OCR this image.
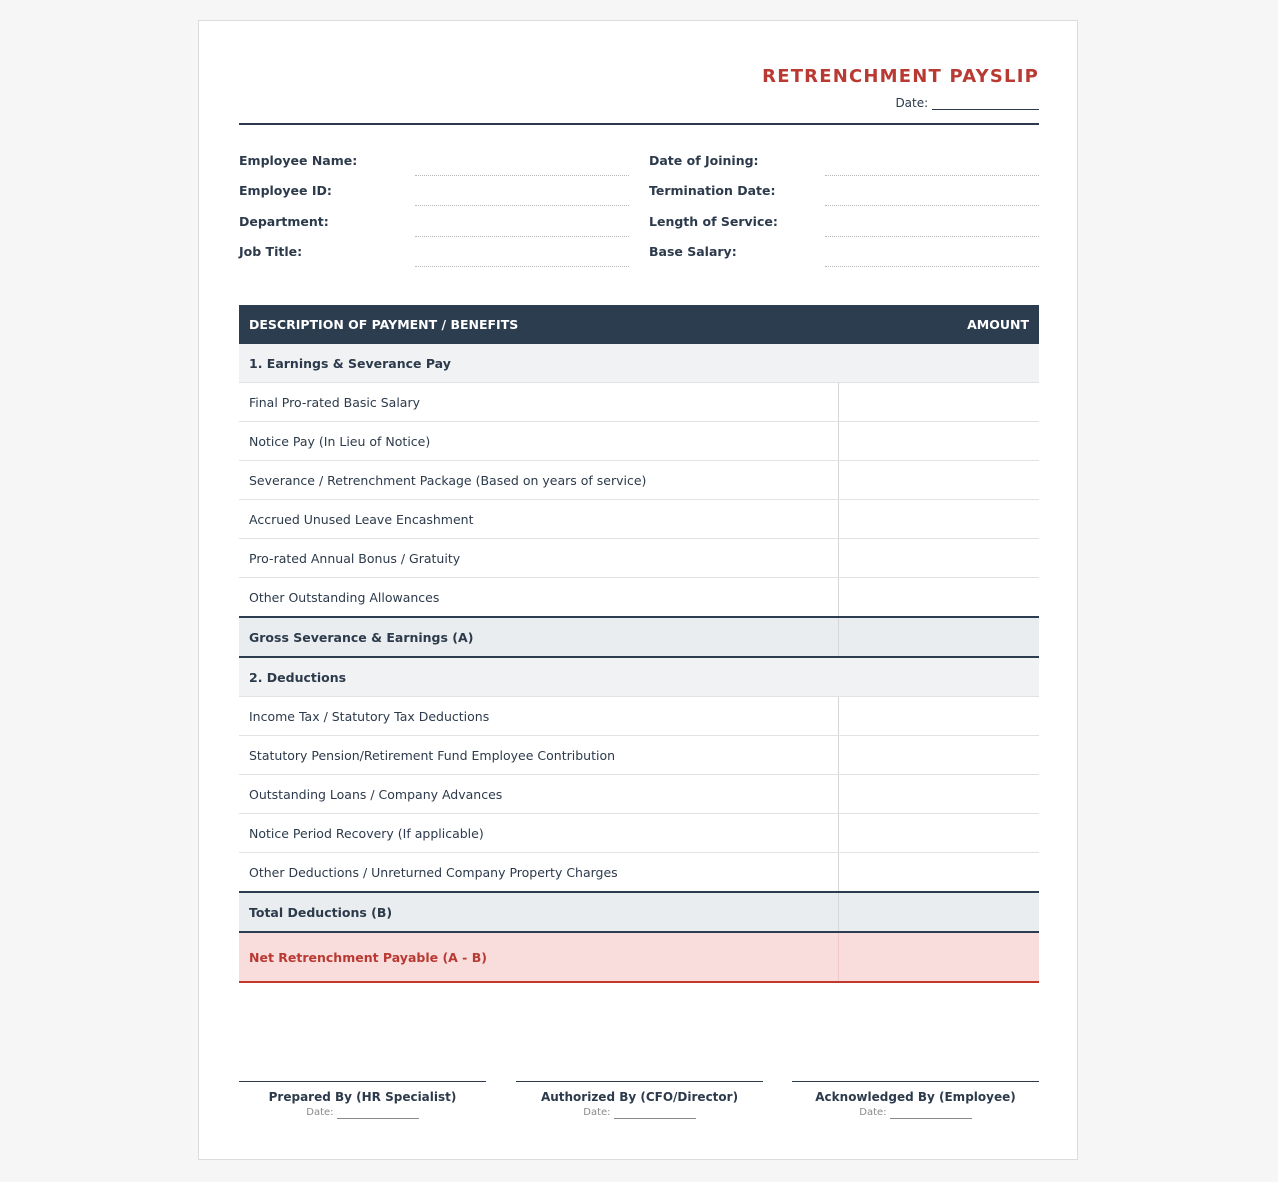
RETRENCHMENT PAYSLIP
Date:
Employee Name:
Employee ID:
Department:
Job Title:
Date of Joining:
Termination Date:
Length of Service:
Base Salary:
DESCRIPTION OF PAYMENT / BENEFITS	AMOUNT
1. Earnings & Severance Pay	
Final Pro-rated Basic Salary	
Notice Pay (In Lieu of Notice)	
Severance / Retrenchment Package (Based on years of service)	
Accrued Unused Leave Encashment	
Pro-rated Annual Bonus / Gratuity	
Other Outstanding Allowances	
Gross Severance & Earnings (A)	
2. Deductions	
Income Tax / Statutory Tax Deductions	
Statutory Pension/Retirement Fund Employee Contribution	
Outstanding Loans / Company Advances	
Notice Period Recovery (If applicable)	
Other Deductions / Unreturned Company Property Charges	
Total Deductions (B)	
Net Retrenchment Payable (A - B)	
Prepared By (HR Specialist)
Date:
Authorized By (CFO/Director)
Date:
Acknowledged By (Employee)
Date:
